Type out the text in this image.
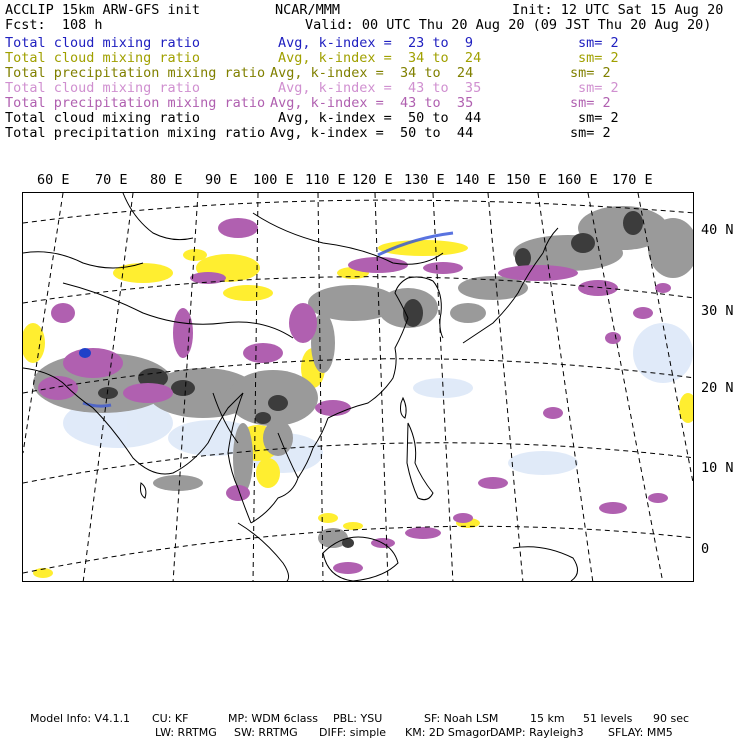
ACCLIP 15km ARW-GFS init	NCAR/MMM	Init: 12 UTC Sat 15 Aug 20
Fcst:  108 h	Valid: 00 UTC Thu 20 Aug 20 (09 JST Thu 20 Aug 20)
Total cloud mixing ratio	Avg, k-index =  23 to  9	sm= 2
Total cloud mixing ratio	Avg, k-index =  34 to  24	sm= 2
Total precipitation mixing ratio Avg, k-index =  34 to  24	sm= 2
Total cloud mixing ratio	Avg, k-index =  43 to  35	sm= 2
Total precipitation mixing ratio Avg, k-index =  43 to  35	sm= 2
Total cloud mixing ratio	Avg, k-index =  50 to  44	sm= 2
Total precipitation mixing ratio Avg, k-index =  50 to  44	sm= 2
60 E 70 E 80 E 90 E 100 E 110 E 120 E 130 E 140 E 150 E 160 E 170 E
40 N
30 N
20 N
10 N
0
Model Info: V4.1.1 CU: KF	MP: WDM 6class PBL: YSU	SF: Noah LSM	15 km 51 levels 90 sec
LW: RRTMG SW: RRTMG DIFF: simple KM: 2D Smagor DAMP: Rayleigh3 SFLAY: MM5
